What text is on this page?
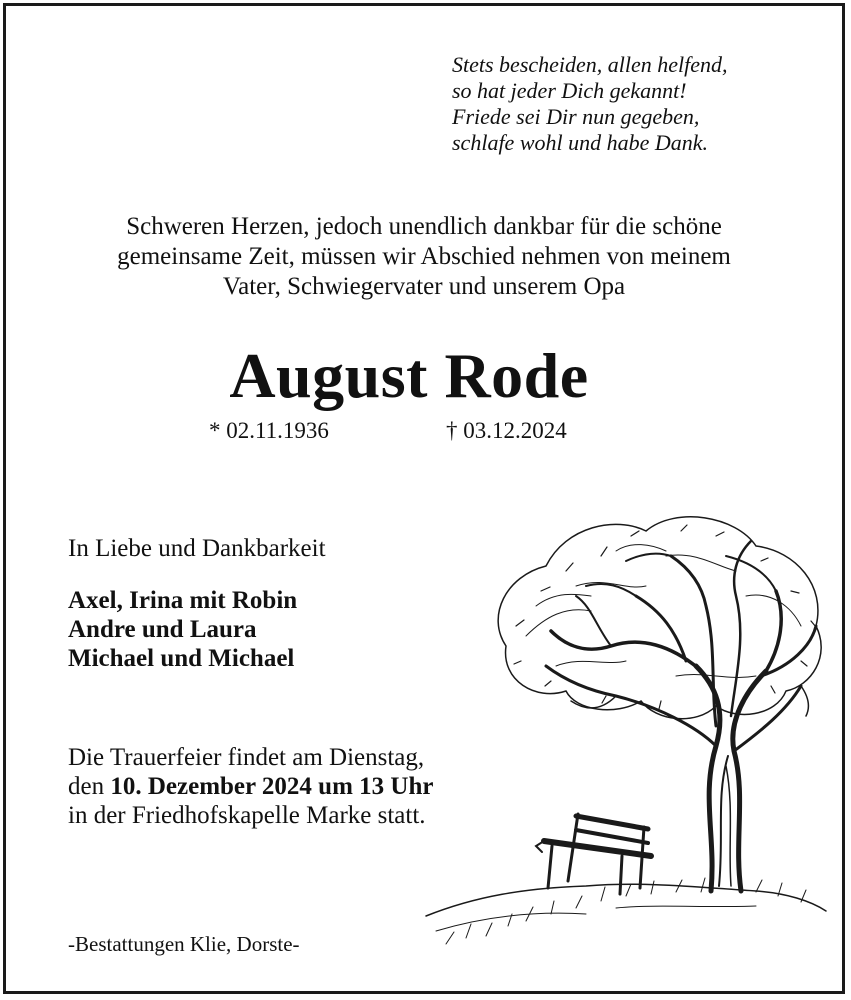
Stets bescheiden, allen helfend,
so hat jeder Dich gekannt!
Friede sei Dir nun gegeben,
schlafe wohl und habe Dank.
Schweren Herzen, jedoch unendlich dankbar für die schöne
gemeinsame Zeit, müssen wir Abschied nehmen von meinem
Vater, Schwiegervater und unserem Opa
August Rode
* 02.11.1936	† 03.12.2024
In Liebe und Dankbarkeit
Axel, Irina mit Robin
Andre und Laura
Michael und Michael
Die Trauerfeier findet am Dienstag,
den 10. Dezember 2024 um 13 Uhr
in der Friedhofskapelle Marke statt.
-Bestattungen Klie, Dorste-
